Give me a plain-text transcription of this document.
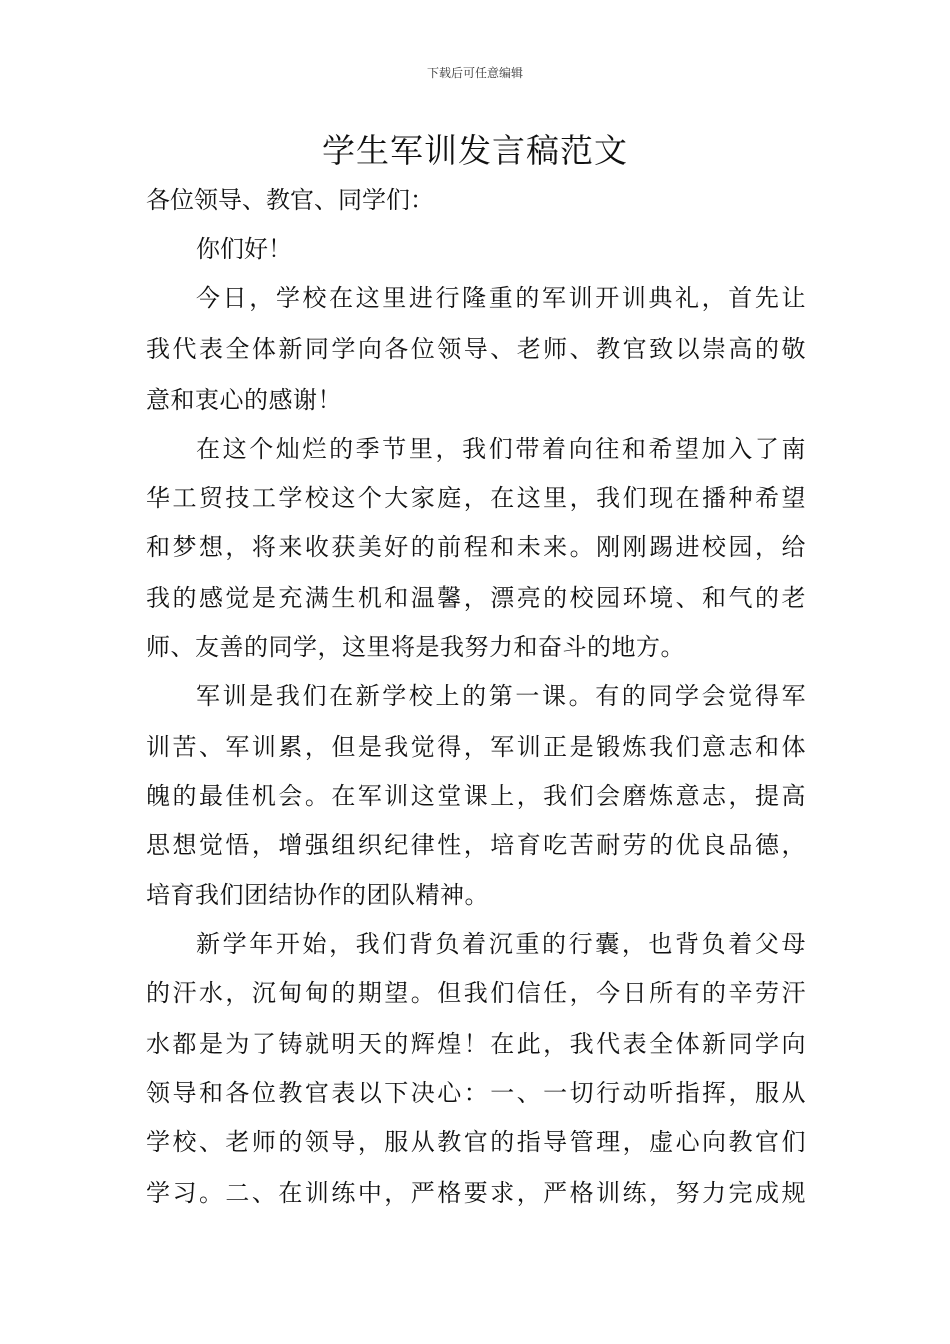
下载后可任意编辑
学生军训发言稿范文
各位领导、教官、同学们：
你们好！
今日，学校在这里进行隆重的军训开训典礼，首先让
我代表全体新同学向各位领导、老师、教官致以崇高的敬
意和衷心的感谢！
在这个灿烂的季节里，我们带着向往和希望加入了南
华工贸技工学校这个大家庭，在这里，我们现在播种希望
和梦想，将来收获美好的前程和未来。刚刚踢进校园，给
我的感觉是充满生机和温馨，漂亮的校园环境、和气的老
师、友善的同学，这里将是我努力和奋斗的地方。
军训是我们在新学校上的第一课。有的同学会觉得军
训苦、军训累，但是我觉得，军训正是锻炼我们意志和体
魄的最佳机会。在军训这堂课上，我们会磨炼意志，提高
思想觉悟，增强组织纪律性，培育吃苦耐劳的优良品德，
培育我们团结协作的团队精神。
新学年开始，我们背负着沉重的行囊，也背负着父母
的汗水，沉甸甸的期望。但我们信任，今日所有的辛劳汗
水都是为了铸就明天的辉煌！在此，我代表全体新同学向
领导和各位教官表以下决心：一、一切行动听指挥，服从
学校、老师的领导，服从教官的指导管理，虚心向教官们
学习。二、在训练中，严格要求，严格训练，努力完成规
